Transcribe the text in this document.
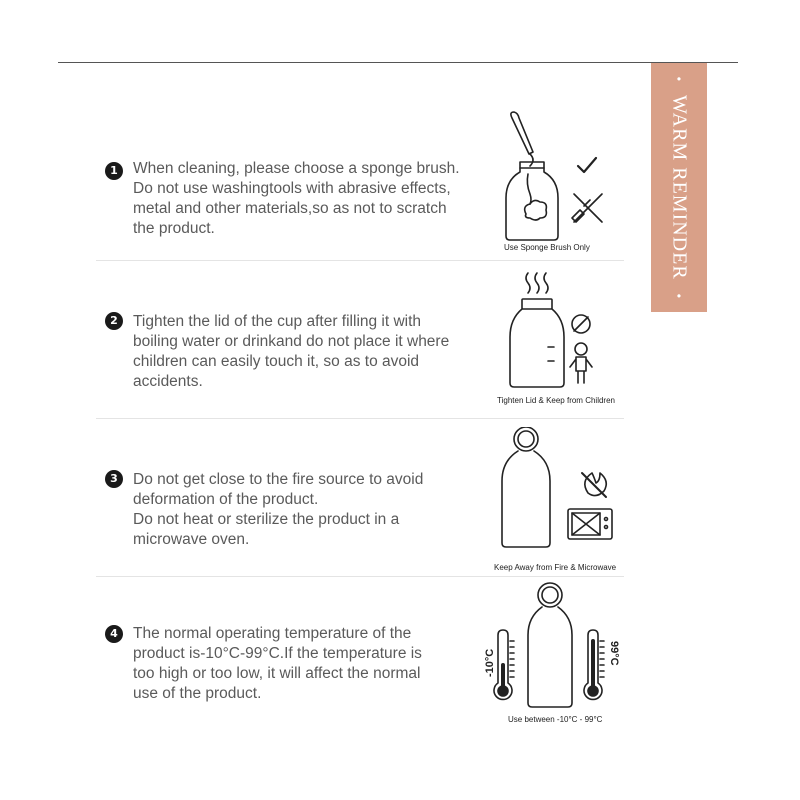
•
WARM REMINDER
•
1 When cleaning, please choose a sponge brush.

Do not use washingtools with abrasive effects,

metal and other materials,so as not to scratch

the product.

Use Sponge Brush Only
2 Tighten the lid of the cup after filling it with

boiling water or drinkand do not place it where

children can easily touch it, so as to avoid

accidents.

Tighten Lid & Keep from Children
3 Do not get close to the fire source to avoid

deformation of the product.

Do not heat or sterilize the product in a

microwave oven.

Keep Away from Fire & Microwave
4 The normal operating temperature of the

product is-10°C-99°C.If the temperature is

too high or too low, it will affect the normal

use of the product.

-10°C	99°C
Use between -10°C - 99°C
